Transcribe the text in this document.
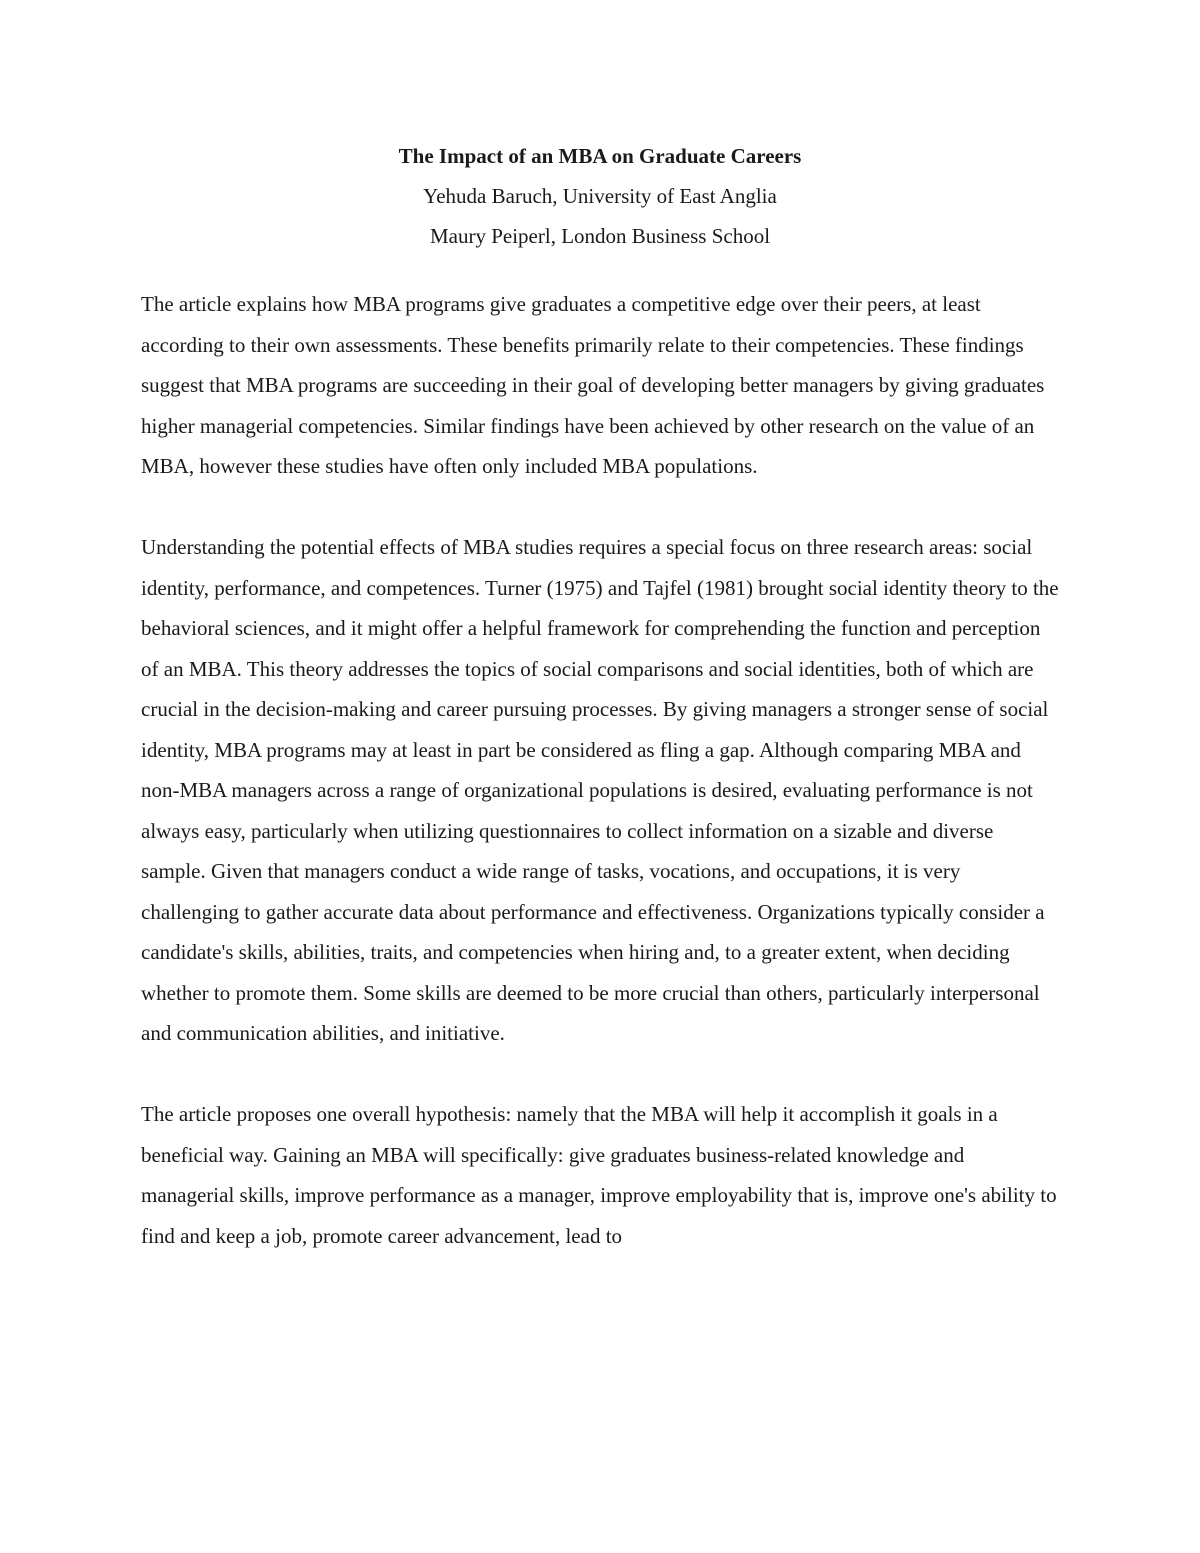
The Impact of an MBA on Graduate Careers

Yehuda Baruch, University of East Anglia

Maury Peiperl, London Business School

The article explains how MBA programs give graduates a competitive edge over their peers, at least according to their own assessments. These benefits primarily relate to their competencies. These findings suggest that MBA programs are succeeding in their goal of developing better managers by giving graduates higher managerial competencies. Similar findings have been achieved by other research on the value of an MBA, however these studies have often only included MBA populations.

Understanding the potential effects of MBA studies requires a special focus on three research areas: social identity, performance, and competences. Turner (1975) and Tajfel (1981) brought social identity theory to the behavioral sciences, and it might offer a helpful framework for comprehending the function and perception of an MBA. This theory addresses the topics of social comparisons and social identities, both of which are crucial in the decision-making and career pursuing processes. By giving managers a stronger sense of social identity, MBA programs may at least in part be considered as fling a gap. Although comparing MBA and non-MBA managers across a range of organizational populations is desired, evaluating performance is not always easy, particularly when utilizing questionnaires to collect information on a sizable and diverse sample. Given that managers conduct a wide range of tasks, vocations, and occupations, it is very challenging to gather accurate data about performance and effectiveness. Organizations typically consider a candidate's skills, abilities, traits, and competencies when hiring and, to a greater extent, when deciding whether to promote them. Some skills are deemed to be more crucial than others, particularly interpersonal and communication abilities, and initiative.

The article proposes one overall hypothesis: namely that the MBA will help it accomplish it goals in a beneficial way. Gaining an MBA will specifically: give graduates business-related knowledge and managerial skills, improve performance as a manager, improve employability that is, improve one's ability to find and keep a job, promote career advancement, lead to
